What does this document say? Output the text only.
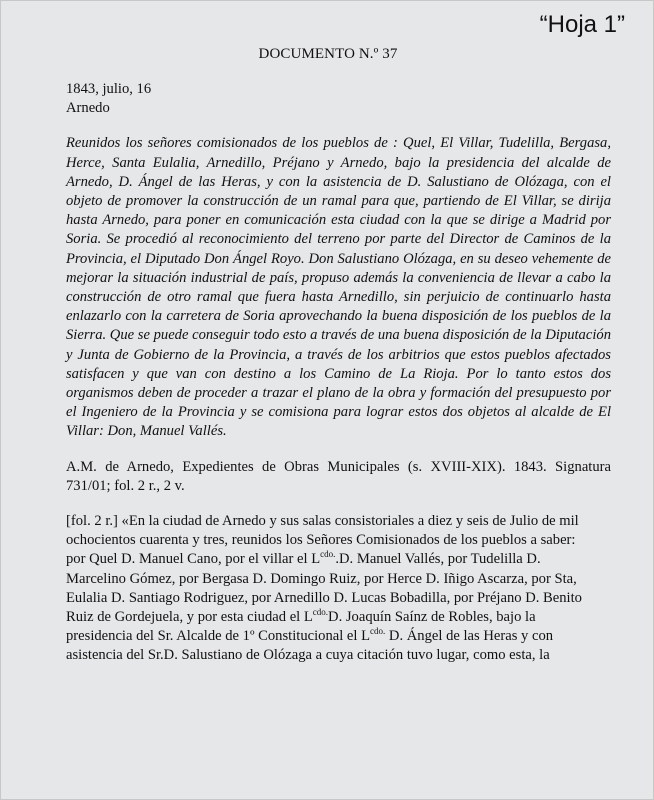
“Hoja 1”
DOCUMENTO N.º 37

1843, julio, 16

Arnedo

Reunidos los señores comisionados de los pueblos de : Quel, El Villar, Tudelilla, Bergasa, Herce, Santa Eulalia, Arnedillo, Préjano y Arnedo, bajo la presidencia del alcalde de Arnedo, D. Ángel de las Heras, y con la asistencia de D. Salustiano de Olózaga, con el objeto de promover la construcción de un ramal para que, partiendo de El Villar, se dirija hasta Arnedo, para poner en comunicación esta ciudad con la que se dirige a Madrid por Soria. Se procedió al reconocimiento del terreno por parte del Director de Caminos de la Provincia, el Diputado Don Ángel Royo. Don Salustiano Olózaga, en su deseo vehemente de mejorar la situación industrial de país, propuso además la conveniencia de llevar a cabo la construcción de otro ramal que fuera hasta Arnedillo, sin perjuicio de continuarlo hasta enlazarlo con la carretera de Soria aprovechando la buena disposición de los pueblos de la Sierra. Que se puede conseguir todo esto a través de una buena disposición de la Diputación y Junta de Gobierno de la Provincia, a través de los arbitrios que estos pueblos afectados satisfacen y que van con destino a los Camino de La Rioja. Por lo tanto estos dos organismos deben de proceder a trazar el plano de la obra y formación del presupuesto por el Ingeniero de la Provincia y se comisiona para lograr estos dos objetos al alcalde de El Villar: Don, Manuel Vallés.

A.M. de Arnedo, Expedientes de Obras Municipales (s. XVIII-XIX). 1843. Signatura 731/01; fol. 2 r., 2 v.

[fol. 2 r.] «En la ciudad de Arnedo y sus salas consistoriales a diez y seis de Julio de mil
ochocientos cuarenta y tres, reunidos los Señores Comisionados de los pueblos a saber:
por Quel D. Manuel Cano, por el villar el $L^{cdo.}.D$. Manuel Vallés, por Tudelilla D.
Marcelino Gómez, por Bergasa D. Domingo Ruiz, por Herce D. Iñigo Ascarza, por Sta,
Eulalia D. Santiago Rodriguez, por Arnedillo D. Lucas Bobadilla, por Préjano D. Benito
Ruiz de Gordejuela, y por esta ciudad el $L^{cdo.}D$. Joaquín Saínz de Robles, bajo la
presidencia del Sr. Alcalde de 1º Constitucional el $L^{cdo.}$ D. Ángel de las Heras y con
asistencia del Sr.D. Salustiano de Olózaga a cuya citación tuvo lugar, como esta, la
